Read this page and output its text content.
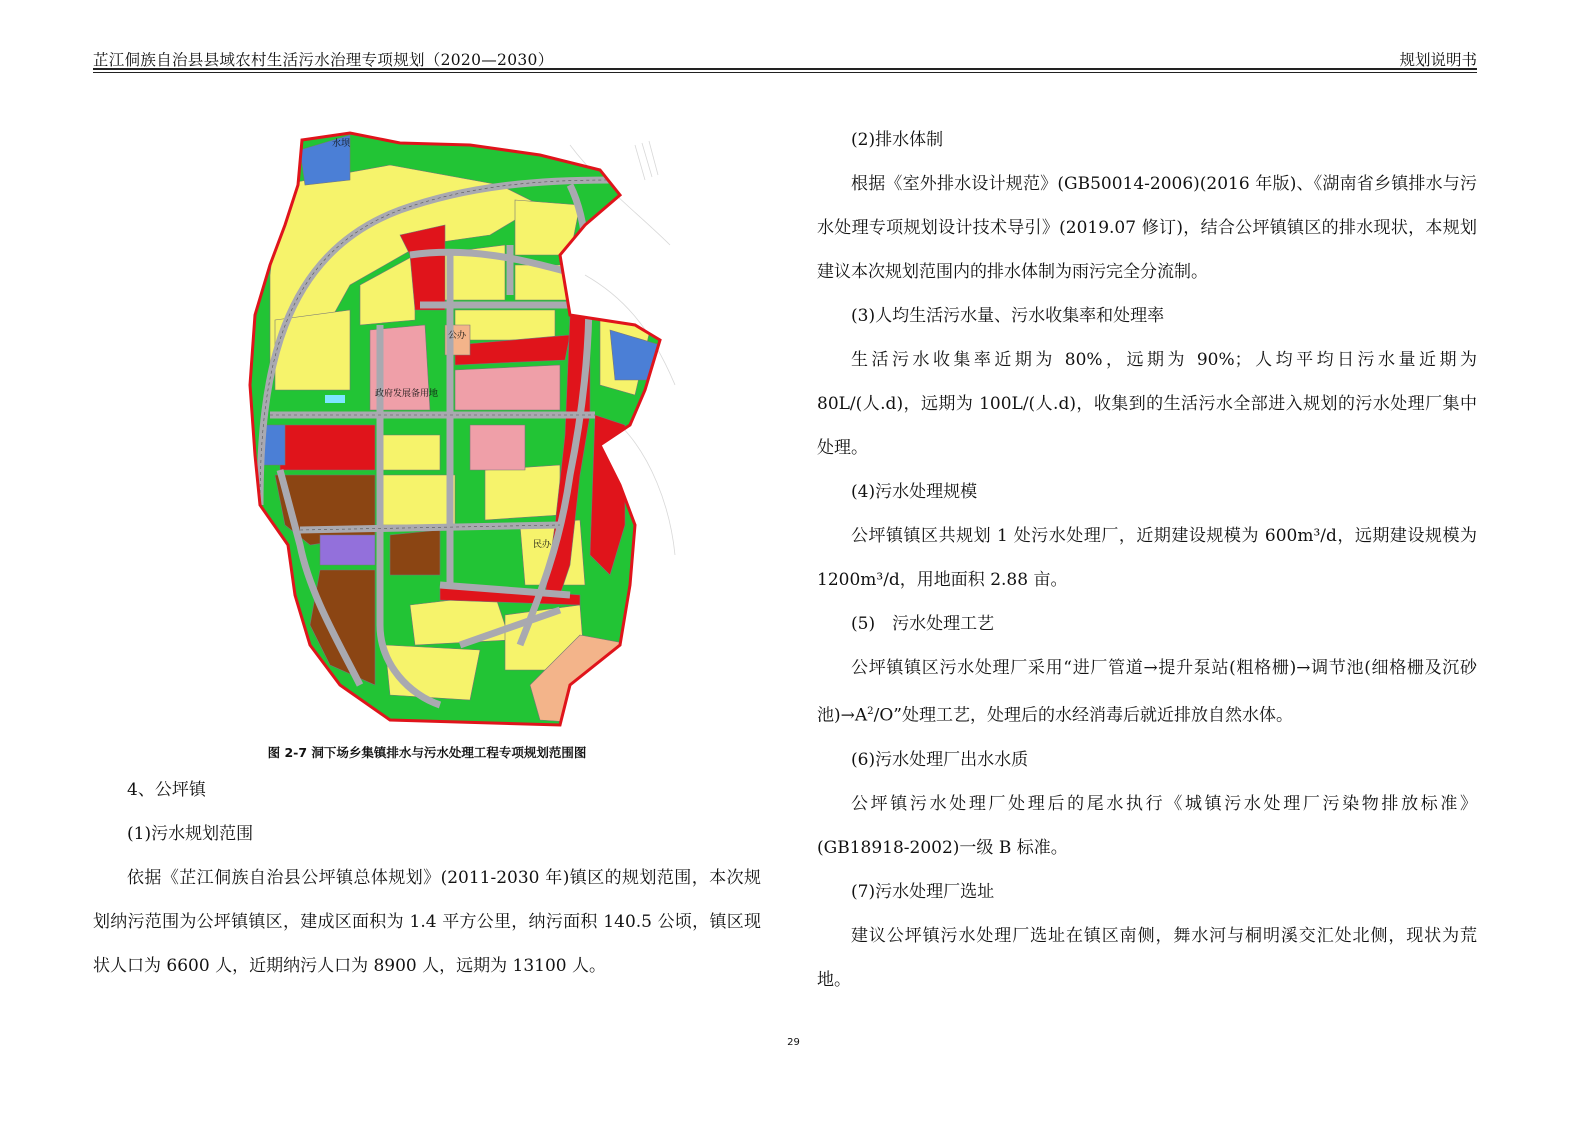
芷江侗族自治县县域农村生活污水治理专项规划（2020—2030）	规划说明书
水坝
政府发展备用地
公办
民办
图 2-7 洞下场乡集镇排水与污水处理工程专项规划范围图

4、公坪镇

(1)污水规划范围

依据《芷江侗族自治县公坪镇总体规划》(2011-2030 年)镇区的规划范围，本次规划纳污范围为公坪镇镇区，建成区面积为 1.4 平方公里，纳污面积 140.5 公顷，镇区现状人口为 6600 人，近期纳污人口为 8900 人，远期为 13100 人。

(2)排水体制

根据《室外排水设计规范》(GB50014-2006)(2016 年版)、《湖南省乡镇排水与污水处理专项规划设计技术导引》(2019.07 修订)，结合公坪镇镇区的排水现状，本规划建议本次规划范围内的排水体制为雨污完全分流制。

(3)人均生活污水量、污水收集率和处理率

生活污水收集率近期为 80%，远期为 90%；人均平均日污水量近期为 80L/(人.d)，远期为 100L/(人.d)，收集到的生活污水全部进入规划的污水处理厂集中处理。

(4)污水处理规模

公坪镇镇区共规划 1 处污水处理厂，近期建设规模为 600m³/d，远期建设规模为 1200m³/d，用地面积 2.88 亩。

(5)　污水处理工艺

公坪镇镇区污水处理厂采用“进厂管道→提升泵站(粗格栅)→调节池(细格栅及沉砂池)$\to A^2/O$”处理工艺，处理后的水经消毒后就近排放自然水体。

(6)污水处理厂出水水质

公坪镇污水处理厂处理后的尾水执行《城镇污水处理厂污染物排放标准》(GB18918-2002)一级 B 标准。

(7)污水处理厂选址

建议公坪镇污水处理厂选址在镇区南侧，舞水河与桐明溪交汇处北侧，现状为荒地。

29
